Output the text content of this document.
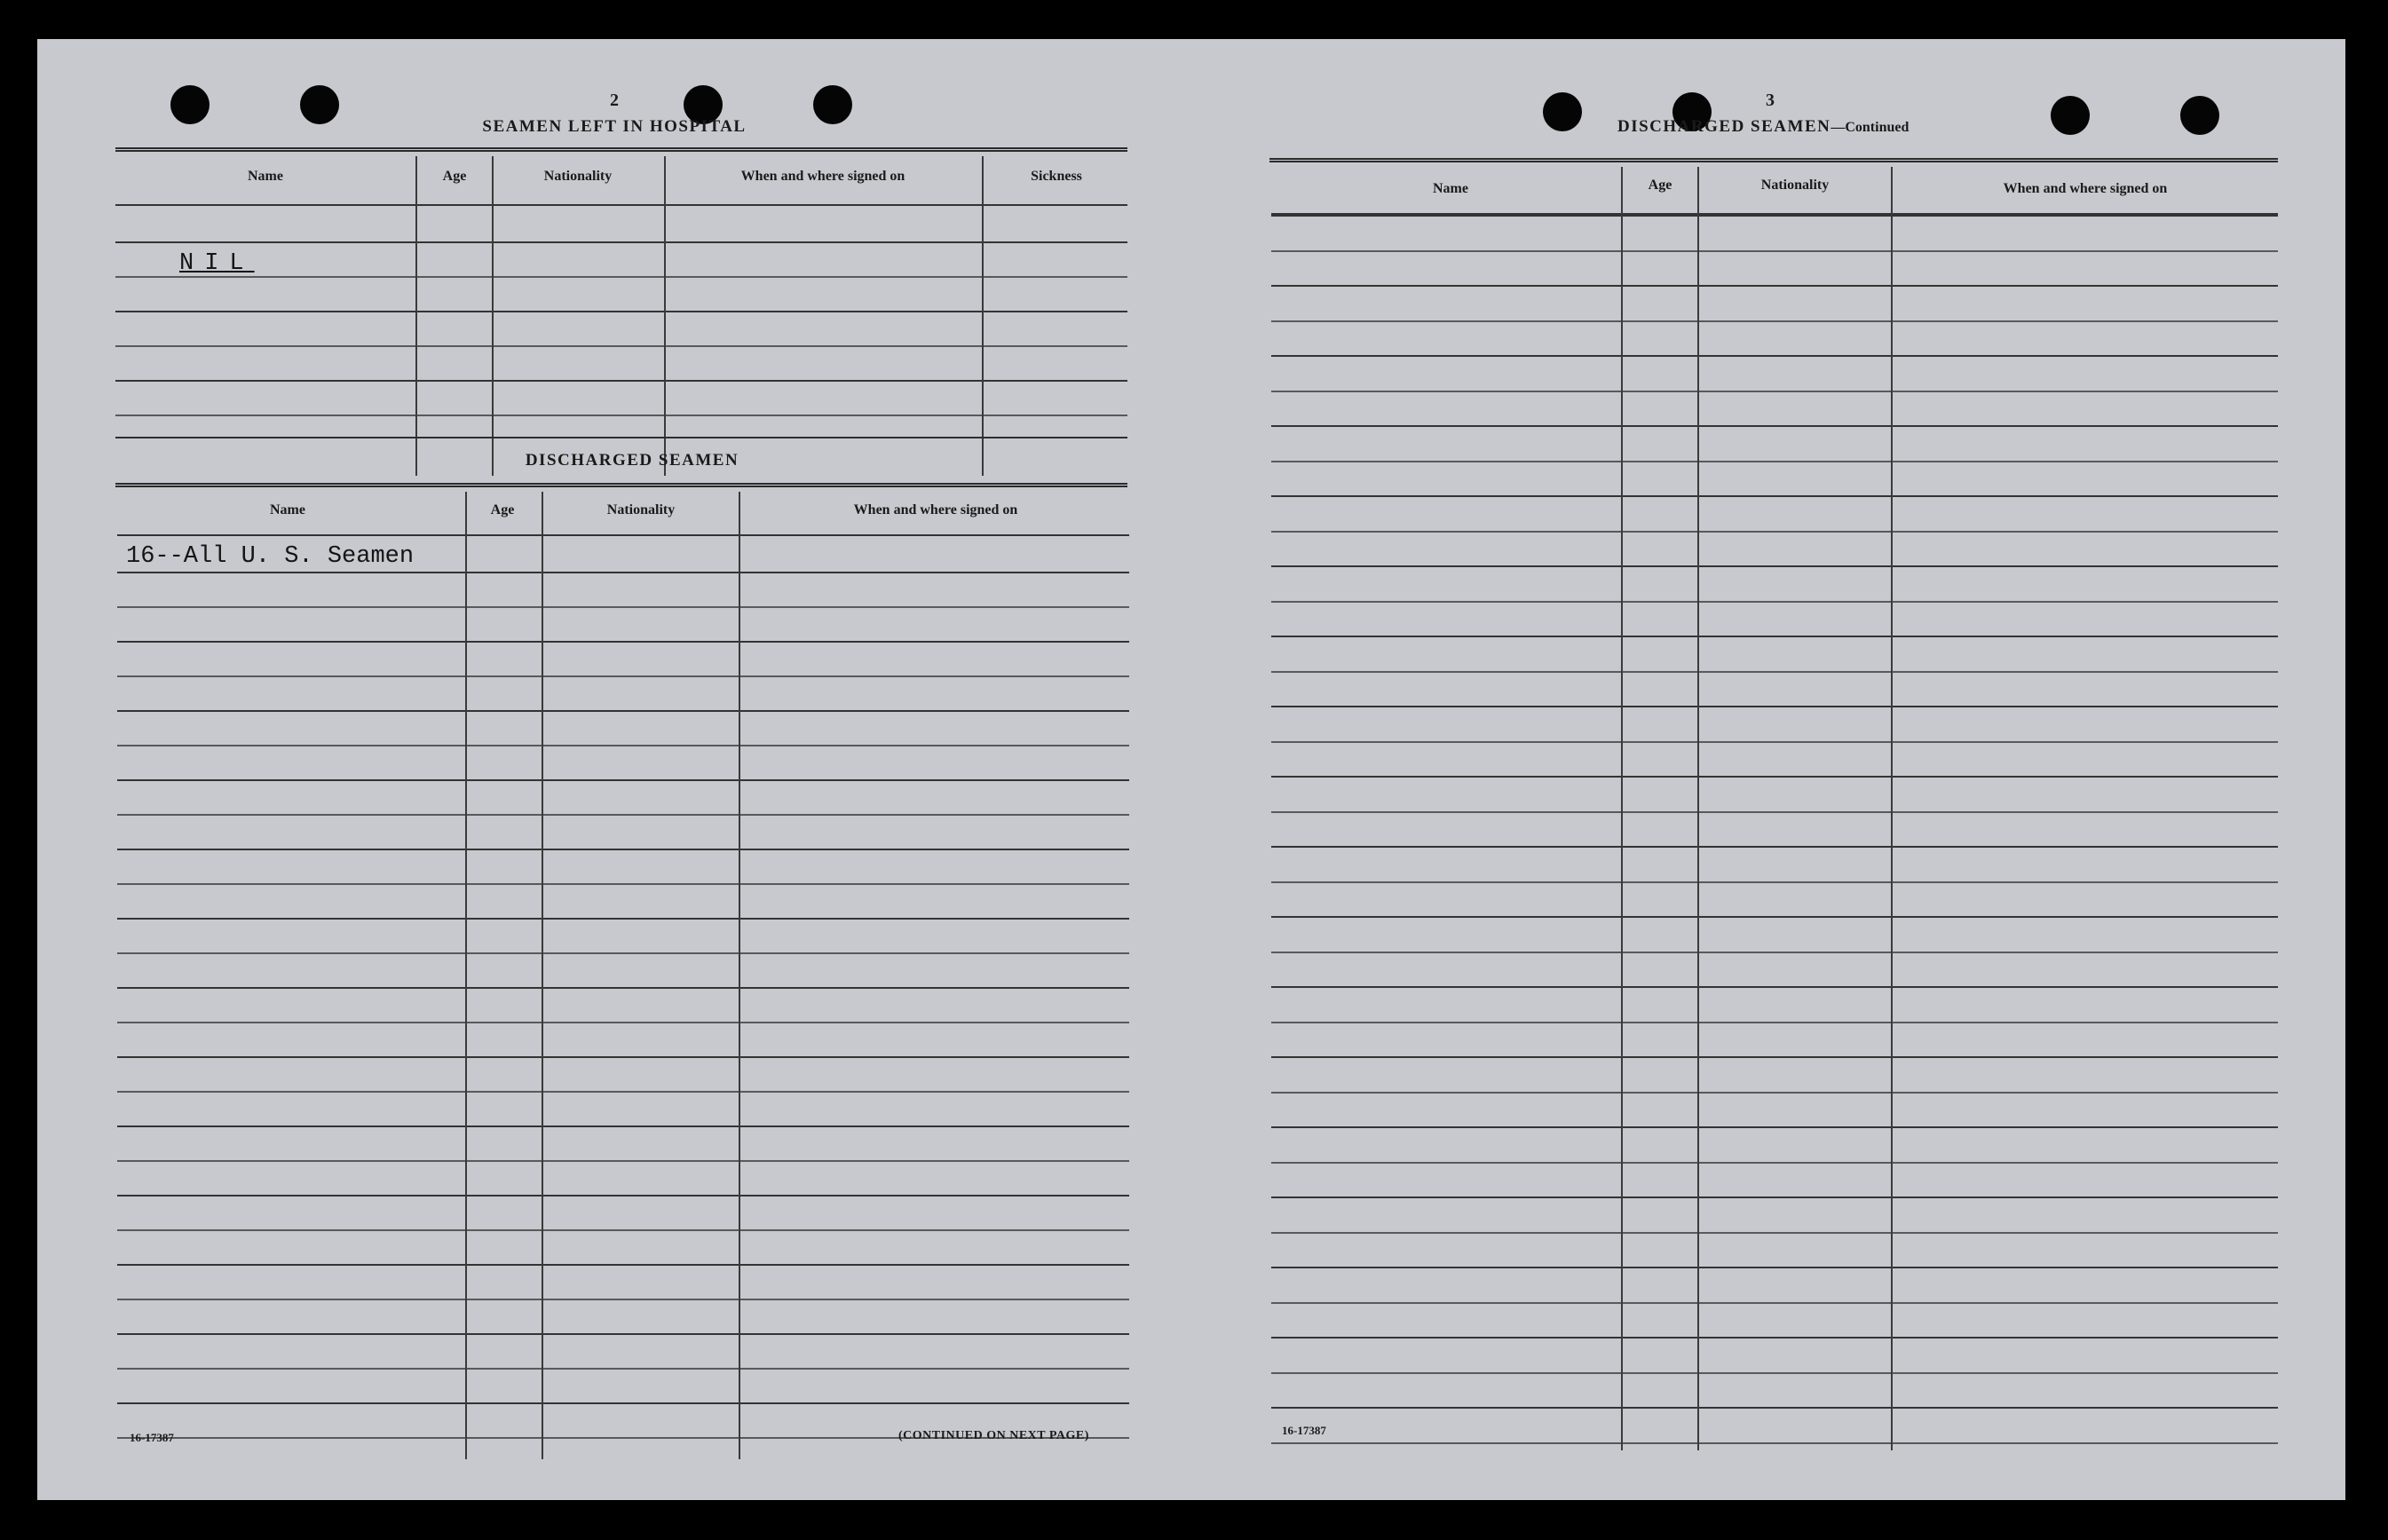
2
SEAMEN LEFT IN HOSPITAL
Name	Age	Nationality	When and where signed on	Sickness
NIL
DISCHARGED SEAMEN
Name	Age	Nationality	When and where signed on
16--All U. S. Seamen
16-17387	(CONTINUED ON NEXT PAGE)
3
DISCHARGED SEAMEN—Continued
Name	Age	Nationality	When and where signed on
16-17387
